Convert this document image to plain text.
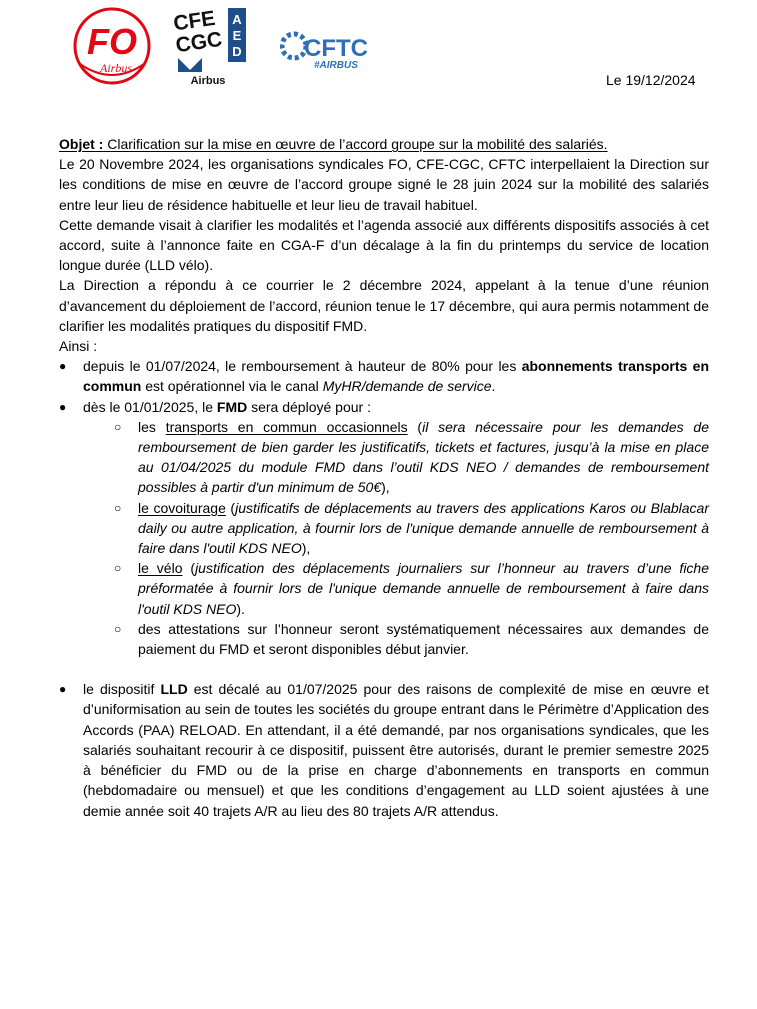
FO
Airbus
CFE
CGC
A
E
D
Airbus
CFTC
#AIRBUS
Le 19/12/2024

Objet : Clarification sur la mise en œuvre de l’accord groupe sur la mobilité des salariés.

Le 20 Novembre 2024, les organisations syndicales FO, CFE-CGC, CFTC interpellaient la Direction sur les conditions de mise en œuvre de l’accord groupe signé le 28 juin 2024 sur la mobilité des salariés entre leur lieu de résidence habituelle et leur lieu de travail habituel.

Cette demande visait à clarifier les modalités et l’agenda associé aux différents dispositifs associés à cet accord, suite à l’annonce faite en CGA-F d’un décalage à la fin du printemps du service de location longue durée (LLD vélo).

La Direction a répondu à ce courrier le 2 décembre 2024, appelant à la tenue d’une réunion d’avancement du déploiement de l’accord, réunion tenue le 17 décembre, qui aura permis notamment de clarifier les modalités pratiques du dispositif FMD.

Ainsi :

● depuis le 01/07/2024, le remboursement à hauteur de 80% pour les abonnements transports en commun est opérationnel via le canal MyHR/demande de service.
● dès le 01/01/2025, le FMD sera déployé pour :
○ les transports en commun occasionnels (il sera nécessaire pour les demandes de remboursement de bien garder les justificatifs, tickets et factures, jusqu’à la mise en place au 01/04/2025 du module FMD dans l’outil KDS NEO / demandes de remboursement possibles à partir d'un minimum de 50€),
○ le covoiturage (justificatifs de déplacements au travers des applications Karos ou Blablacar daily ou autre application, à fournir lors de l'unique demande annuelle de remboursement à faire dans l'outil KDS NEO),
○ le vélo (justification des déplacements journaliers sur l’honneur au travers d’une fiche préformatée à fournir lors de l'unique demande annuelle de remboursement à faire dans l'outil KDS NEO).
○ des attestations sur l’honneur seront systématiquement nécessaires aux demandes de paiement du FMD et seront disponibles début janvier.
● le dispositif LLD est décalé au 01/07/2025 pour des raisons de complexité de mise en œuvre et d’uniformisation au sein de toutes les sociétés du groupe entrant dans le Périmètre d’Application des Accords (PAA) RELOAD. En attendant, il a été demandé, par nos organisations syndicales, que les salariés souhaitant recourir à ce dispositif, puissent être autorisés, durant le premier semestre 2025 à bénéficier du FMD ou de la prise en charge d’abonnements en transports en commun (hebdomadaire ou mensuel) et que les conditions d’engagement au LLD soient ajustées à une demie année soit 40 trajets A/R au lieu des 80 trajets A/R attendus.
